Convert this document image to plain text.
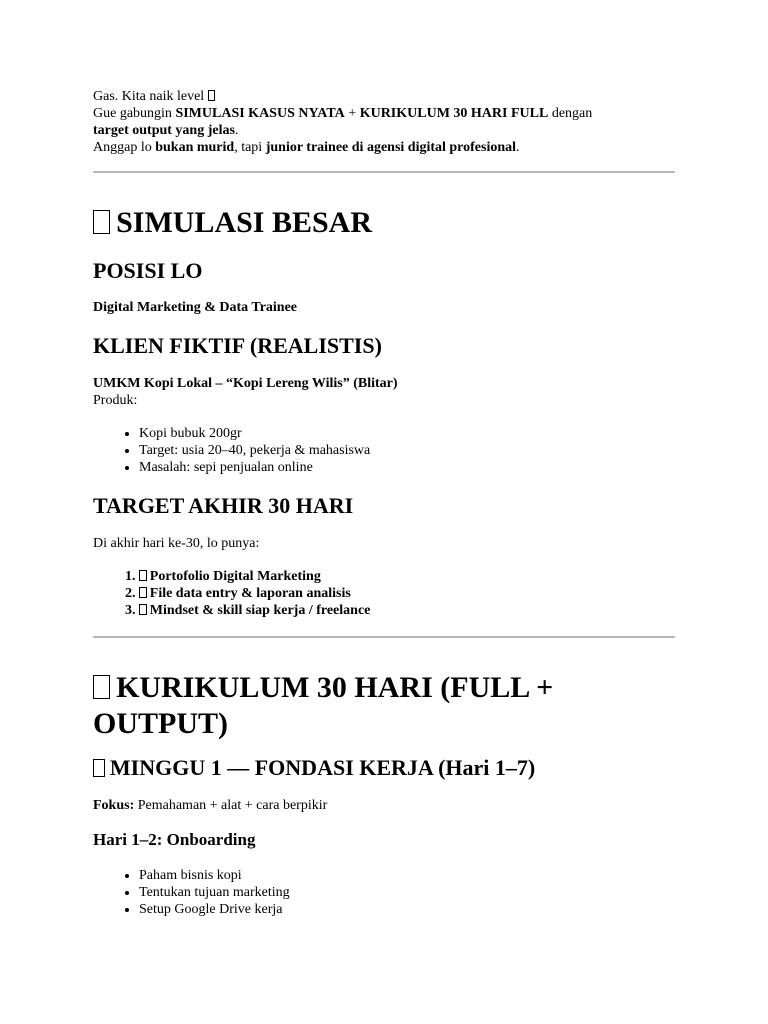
Gas. Kita naik level

Gue gabungin SIMULASI KASUS NYATA + KURIKULUM 30 HARI FULL dengan
target output yang jelas.

Anggap lo bukan murid, tapi junior trainee di agensi digital profesional.

SIMULASI BESAR
POSISI LO

Digital Marketing & Data Trainee

KLIEN FIKTIF (REALISTIS)

UMKM Kopi Lokal – “Kopi Lereng Wilis” (Blitar)

Produk:

• Kopi bubuk 200gr
• Target: usia 20–40, pekerja & mahasiswa
• Masalah: sepi penjualan online
TARGET AKHIR 30 HARI

Di akhir hari ke-30, lo punya:

1. Portofolio Digital Marketing
2. File data entry & laporan analisis
3. Mindset & skill siap kerja / freelance
KURIKULUM 30 HARI (FULL +
OUTPUT)
MINGGU 1 — FONDASI KERJA (Hari 1–7)

Fokus: Pemahaman + alat + cara berpikir

Hari 1–2: Onboarding
• Paham bisnis kopi
• Tentukan tujuan marketing
• Setup Google Drive kerja
